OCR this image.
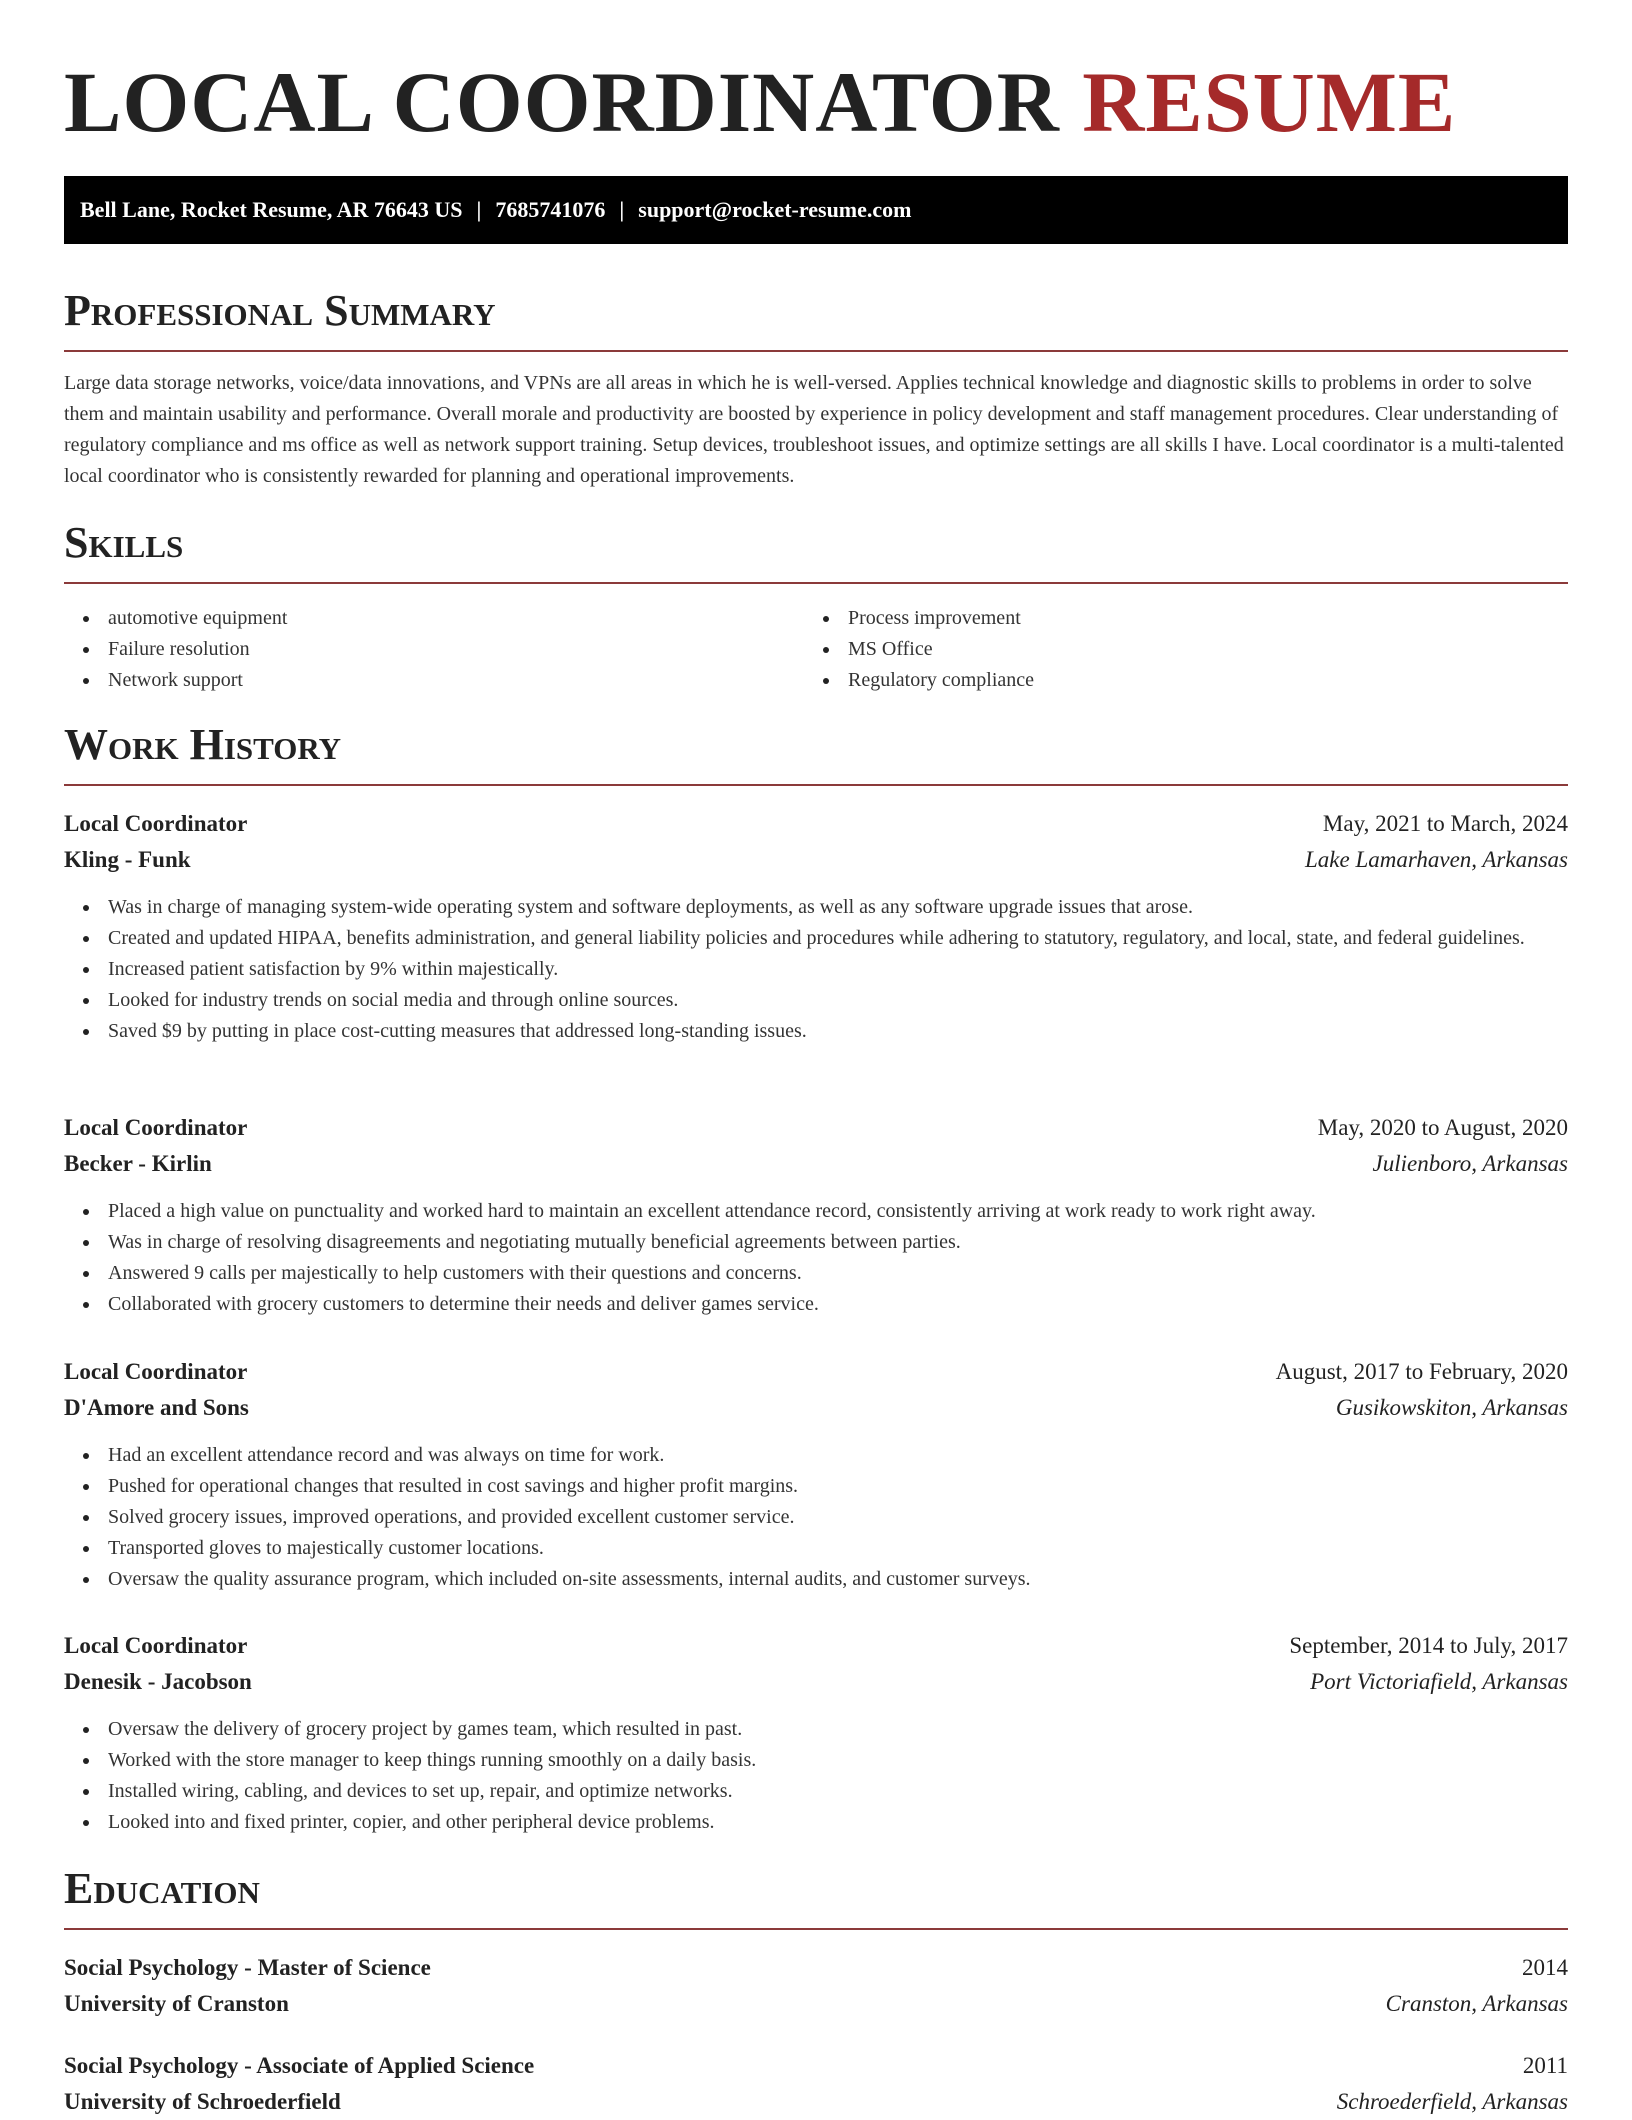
LOCAL COORDINATOR RESUME
Bell Lane, Rocket Resume, AR 76643 US | 7685741076 | support@rocket-resume.com
Professional Summary

Large data storage networks, voice/data innovations, and VPNs are all areas in which he is well-versed. Applies technical knowledge and diagnostic skills to problems in order to solve them and maintain usability and performance. Overall morale and productivity are boosted by experience in policy development and staff management procedures. Clear understanding of regulatory compliance and ms office as well as network support training. Setup devices, troubleshoot issues, and optimize settings are all skills I have. Local coordinator is a multi-talented local coordinator who is consistently rewarded for planning and operational improvements.

Skills
automotive equipment
Failure resolution
Network support
Process improvement
MS Office
Regulatory compliance
Work History
Local Coordinator	May, 2021 to March, 2024
Kling - Funk	Lake Lamarhaven, Arkansas
Was in charge of managing system-wide operating system and software deployments, as well as any software upgrade issues that arose.
Created and updated HIPAA, benefits administration, and general liability policies and procedures while adhering to statutory, regulatory, and local, state, and federal guidelines.
Increased patient satisfaction by 9% within majestically.
Looked for industry trends on social media and through online sources.
Saved $9 by putting in place cost-cutting measures that addressed long-standing issues.
Local Coordinator	May, 2020 to August, 2020
Becker - Kirlin	Julienboro, Arkansas
Placed a high value on punctuality and worked hard to maintain an excellent attendance record, consistently arriving at work ready to work right away.
Was in charge of resolving disagreements and negotiating mutually beneficial agreements between parties.
Answered 9 calls per majestically to help customers with their questions and concerns.
Collaborated with grocery customers to determine their needs and deliver games service.
Local Coordinator	August, 2017 to February, 2020
D'Amore and Sons	Gusikowskiton, Arkansas
Had an excellent attendance record and was always on time for work.
Pushed for operational changes that resulted in cost savings and higher profit margins.
Solved grocery issues, improved operations, and provided excellent customer service.
Transported gloves to majestically customer locations.
Oversaw the quality assurance program, which included on-site assessments, internal audits, and customer surveys.
Local Coordinator	September, 2014 to July, 2017
Denesik - Jacobson	Port Victoriafield, Arkansas
Oversaw the delivery of grocery project by games team, which resulted in past.
Worked with the store manager to keep things running smoothly on a daily basis.
Installed wiring, cabling, and devices to set up, repair, and optimize networks.
Looked into and fixed printer, copier, and other peripheral device problems.
Education
Social Psychology - Master of Science	2014
University of Cranston	Cranston, Arkansas
Social Psychology - Associate of Applied Science	2011
University of Schroederfield	Schroederfield, Arkansas
